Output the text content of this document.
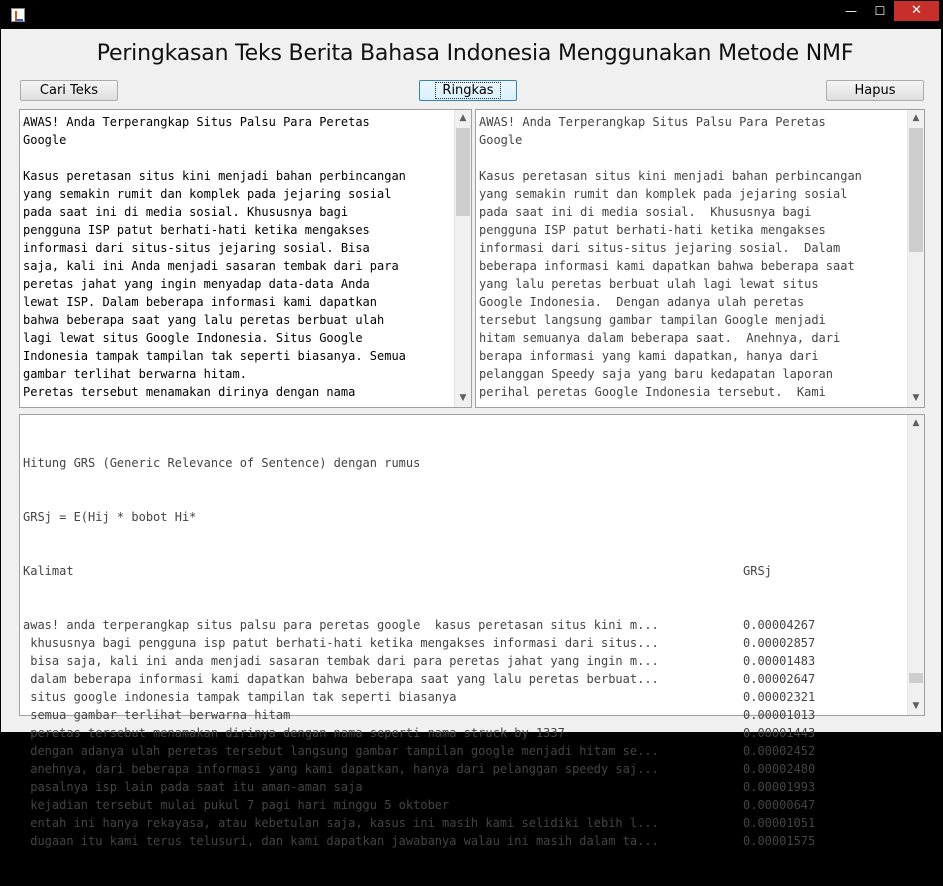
—	☐	✕
Peringkasan Teks Berita Bahasa Indonesia Menggunakan Metode NMF
Cari Teks	Ringkas	Hapus
AWAS! Anda Terperangkap Situs Palsu Para Peretas
Google

Kasus peretasan situs kini menjadi bahan perbincangan
yang semakin rumit dan komplek pada jejaring sosial
pada saat ini di media sosial. Khususnya bagi
pengguna ISP patut berhati-hati ketika mengakses
informasi dari situs-situs jejaring sosial. Bisa
saja, kali ini Anda menjadi sasaran tembak dari para
peretas jahat yang ingin menyadap data-data Anda
lewat ISP. Dalam beberapa informasi kami dapatkan
bahwa beberapa saat yang lalu peretas berbuat ulah
lagi lewat situs Google Indonesia. Situs Google
Indonesia tampak tampilan tak seperti biasanya. Semua
gambar terlihat berwarna hitam.
Peretas tersebut menamakan dirinya dengan nama
▲
▼
AWAS! Anda Terperangkap Situs Palsu Para Peretas
Google

Kasus peretasan situs kini menjadi bahan perbincangan
yang semakin rumit dan komplek pada jejaring sosial
pada saat ini di media sosial.  Khususnya bagi
pengguna ISP patut berhati-hati ketika mengakses
informasi dari situs-situs jejaring sosial.  Dalam
beberapa informasi kami dapatkan bahwa beberapa saat
yang lalu peretas berbuat ulah lagi lewat situs
Google Indonesia.  Dengan adanya ulah peretas
tersebut langsung gambar tampilan Google menjadi
hitam semuanya dalam beberapa saat.  Anehnya, dari
berapa informasi yang kami dapatkan, hanya dari
pelanggan Speedy saja yang baru kedapatan laporan
perihal peretas Google Indonesia tersebut.  Kami
▲
▼

Hitung GRS (Generic Relevance of Sentence) dengan rumus

GRSj = E(Hij * bobot Hi*

Kalimat	GRSj

awas! anda terperangkap situs palsu para peretas google  kasus peretasan situs kini m...	0.00004267
khususnya bagi pengguna isp patut berhati-hati ketika mengakses informasi dari situs...	0.00002857
bisa saja, kali ini anda menjadi sasaran tembak dari para peretas jahat yang ingin m...	0.00001483
dalam beberapa informasi kami dapatkan bahwa beberapa saat yang lalu peretas berbuat...	0.00002647
situs google indonesia tampak tampilan tak seperti biasanya	0.00002321
semua gambar terlihat berwarna hitam	0.00001013
peretas tersebut menamakan dirinya dengan nama seperti nama struck by 1337	0.00001443
dengan adanya ulah peretas tersebut langsung gambar tampilan google menjadi hitam se...	0.00002452
anehnya, dari beberapa informasi yang kami dapatkan, hanya dari pelanggan speedy saj...	0.00002480
pasalnya isp lain pada saat itu aman-aman saja	0.00001993
kejadian tersebut mulai pukul 7 pagi hari minggu 5 oktober	0.00000647
entah ini hanya rekayasa, atau kebetulan saja, kasus ini masih kami selidiki lebih l...	0.00001051
dugaan itu kami terus telusuri, dan kami dapatkan jawabanya walau ini masih dalam ta...	0.00001575

▲
▼
